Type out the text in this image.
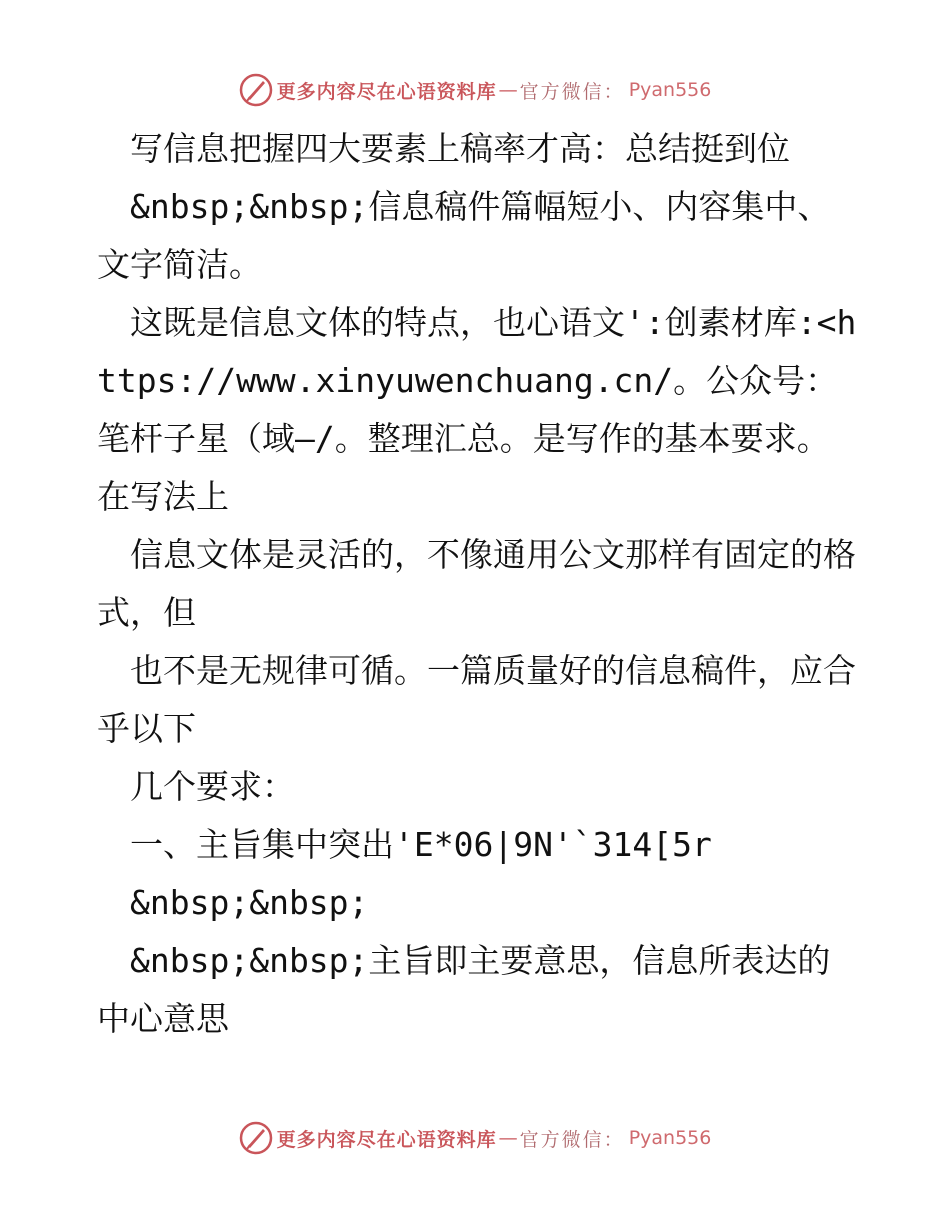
更多内容尽在心语资料库 — 官方微信： Pyan556

　写信息把握四大要素上稿率才高：总结挺到位

　&nbsp;&nbsp;信息稿件篇幅短小、内容集中、文字简洁。

　这既是信息文体的特点，也心语文':创素材库:<https://www.xinyuwenchuang.cn/。公众号：笔杆子星（域—/。整理汇总。是写作的基本要求。在写法上

　信息文体是灵活的，不像通用公文那样有固定的格式，但

　也不是无规律可循。一篇质量好的信息稿件，应合乎以下

　几个要求：

　一、主旨集中突出'E*06|9N'`314[5r

　&nbsp;&nbsp;

　&nbsp;&nbsp;主旨即主要意思，信息所表达的中心意思

更多内容尽在心语资料库 — 官方微信： Pyan556
